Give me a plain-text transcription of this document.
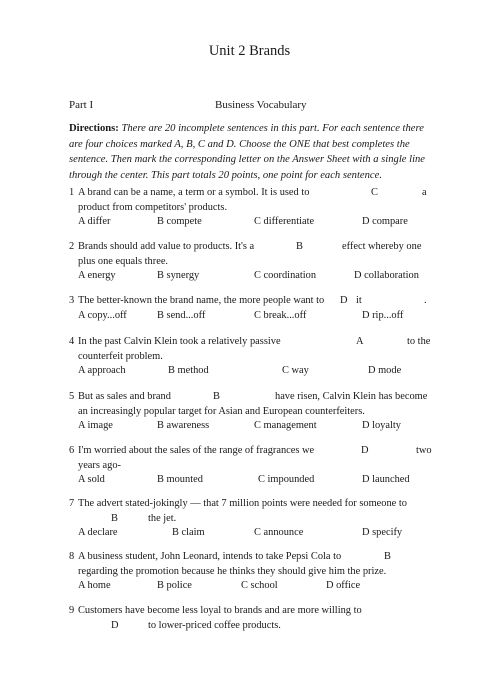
Unit 2 Brands
Part I	Business Vocabulary
Directions: There are 20 incomplete sentences in this part. For each sentence there are four choices marked A, B, C and D. Choose the ONE that best completes the sentence. Then mark the corresponding letter on the Answer Sheet with a single line through the center. This part totals 20 points, one point for each sentence.
1 A brand can be a name, a term or a symbol. It is used to	C	a
product from competitors' products.
A differ	B compete	C differentiate	D compare
2 Brands should add value to products. It's a	B	effect whereby one
plus one equals three.
A energy	B synergy	C coordination	D collaboration
3 The better-known the brand name, the more people want to D it	.
A copy...off	B send...off	C break...off	D rip...off
4 In the past Calvin Klein took a relatively passive	A	to the
counterfeit problem.
A approach	B method	C way	D mode
5 But as sales and brand	B	have risen, Calvin Klein has become
an increasingly popular target for Asian and European counterfeiters.
A image	B awareness	C management	D loyalty
6 I'm worried about the sales of the range of fragrances we	D	two
years ago-
A sold	B mounted	C impounded	D launched
7 The advert stated-jokingly — that 7 million points were needed for someone to
B	the jet.
A declare	B claim	C announce	D specify
8 A business student, John Leonard, intends to take Pepsi Cola to	B
regarding the promotion because he thinks they should give him the prize.
A home	B police	C school	D office
9 Customers have become less loyal to brands and are more willing to
D	to lower-priced coffee products.
